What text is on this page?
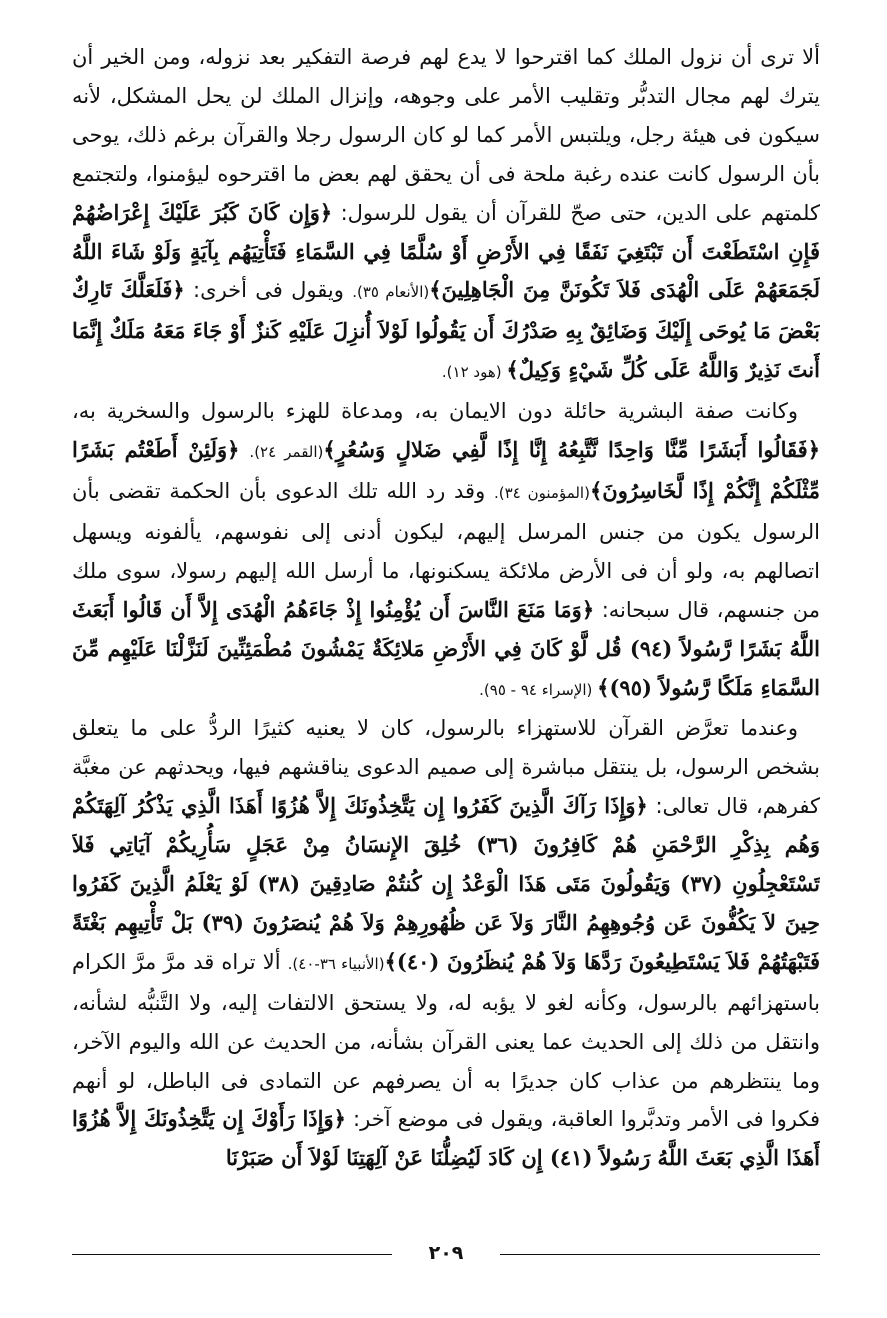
ألا ترى أن نزول الملك كما اقترحوا لا يدع لهم فرصة التفكير بعد نزوله، ومن الخير أن يترك لهم مجال التدبُّر وتقليب الأمر على وجوهه، وإنزال الملك لن يحل المشكل، لأنه سيكون فى هيئة رجل، ويلتبس الأمر كما لو كان الرسول رجلا والقرآن برغم ذلك، يوحى بأن الرسول كانت عنده رغبة ملحة فى أن يحقق لهم بعض ما اقترحوه ليؤمنوا، ولتجتمع كلمتهم على الدين، حتى صحّ للقرآن أن يقول للرسول: ﴿وَإِن كَانَ كَبُرَ عَلَيْكَ إِعْرَاضُهُمْ فَإِنِ اسْتَطَعْتَ أَن تَبْتَغِيَ نَفَقًا فِي الأَرْضِ أَوْ سُلَّمًا فِي السَّمَاءِ فَتَأْتِيَهُم بِآيَةٍ وَلَوْ شَاءَ اللَّهُ لَجَمَعَهُمْ عَلَى الْهُدَى فَلاَ تَكُونَنَّ مِنَ الْجَاهِلِينَ﴾(الأنعام ٣٥). ويقول فى أخرى: ﴿فَلَعَلَّكَ تَارِكٌ بَعْضَ مَا يُوحَى إِلَيْكَ وَضَائِقٌ بِهِ صَدْرُكَ أَن يَقُولُوا لَوْلاَ أُنزِلَ عَلَيْهِ كَنزٌ أَوْ جَاءَ مَعَهُ مَلَكٌ إِنَّمَا أَنتَ نَذِيرٌ وَاللَّهُ عَلَى كُلِّ شَيْءٍ وَكِيلٌ﴾ (هود ١٢).

وكانت صفة البشرية حائلة دون الايمان به، ومدعاة للهزء بالرسول والسخرية به، ﴿فَقَالُوا أَبَشَرًا مِّنَّا وَاحِدًا نَّتَّبِعُهُ إِنَّا إِذًا لَّفِي ضَلالٍ وَسُعُرٍ﴾(القمر ٢٤). ﴿وَلَئِنْ أَطَعْتُم بَشَرًا مِّثْلَكُمْ إِنَّكُمْ إِذًا لَّخَاسِرُونَ﴾(المؤمنون ٣٤). وقد رد الله تلك الدعوى بأن الحكمة تقضى بأن الرسول يكون من جنس المرسل إليهم، ليكون أدنى إلى نفوسهم، يألفونه ويسهل اتصالهم به، ولو أن فى الأرض ملائكة يسكنونها، ما أرسل الله إليهم رسولا، سوى ملك من جنسهم، قال سبحانه: ﴿وَمَا مَنَعَ النَّاسَ أَن يُؤْمِنُوا إِذْ جَاءَهُمُ الْهُدَى إِلاَّ أَن قَالُوا أَبَعَثَ اللَّهُ بَشَرًا رَّسُولاً (٩٤) قُل لَّوْ كَانَ فِي الأَرْضِ مَلائِكَةٌ يَمْشُونَ مُطْمَئِنِّينَ لَنَزَّلْنَا عَلَيْهِم مِّنَ السَّمَاءِ مَلَكًا رَّسُولاً (٩٥)﴾ (الإسراء ٩٤ - ٩٥).

وعندما تعرَّض القرآن للاستهزاء بالرسول، كان لا يعنيه كثيرًا الردُّ على ما يتعلق بشخص الرسول، بل ينتقل مباشرة إلى صميم الدعوى يناقشهم فيها، ويحدثهم عن مغبَّة كفرهم، قال تعالى: ﴿وَإِذَا رَآكَ الَّذِينَ كَفَرُوا إِن يَتَّخِذُونَكَ إِلاَّ هُزُوًا أَهَذَا الَّذِي يَذْكُرُ آلِهَتَكُمْ وَهُم بِذِكْرِ الرَّحْمَنِ هُمْ كَافِرُونَ (٣٦) خُلِقَ الإِنسَانُ مِنْ عَجَلٍ سَأُرِيكُمْ آيَاتِي فَلاَ تَسْتَعْجِلُونِ (٣٧) وَيَقُولُونَ مَتَى هَذَا الْوَعْدُ إِن كُنتُمْ صَادِقِينَ (٣٨) لَوْ يَعْلَمُ الَّذِينَ كَفَرُوا حِينَ لاَ يَكُفُّونَ عَن وُجُوهِهِمُ النَّارَ وَلاَ عَن ظُهُورِهِمْ وَلاَ هُمْ يُنصَرُونَ (٣٩) بَلْ تَأْتِيهِم بَغْتَةً فَتَبْهَتُهُمْ فَلاَ يَسْتَطِيعُونَ رَدَّهَا وَلاَ هُمْ يُنظَرُونَ (٤٠)﴾(الأنبياء ٣٦-٤٠). ألا تراه قد مرَّ مرَّ الكرام باستهزائهم بالرسول، وكأنه لغو لا يؤبه له، ولا يستحق الالتفات إليه، ولا التَّنبُّه لشأنه، وانتقل من ذلك إلى الحديث عما يعنى القرآن بشأنه، من الحديث عن الله واليوم الآخر، وما ينتظرهم من عذاب كان جديرًا به أن يصرفهم عن التمادى فى الباطل، لو أنهم فكروا فى الأمر وتدبَّروا العاقبة، ويقول فى موضع آخر: ﴿وَإِذَا رَأَوْكَ إِن يَتَّخِذُونَكَ إِلاَّ هُزُوًا أَهَذَا الَّذِي بَعَثَ اللَّهُ رَسُولاً (٤١) إِن كَادَ لَيُضِلُّنَا عَنْ آلِهَتِنَا لَوْلاَ أَن صَبَرْنَا

٢٠٩
